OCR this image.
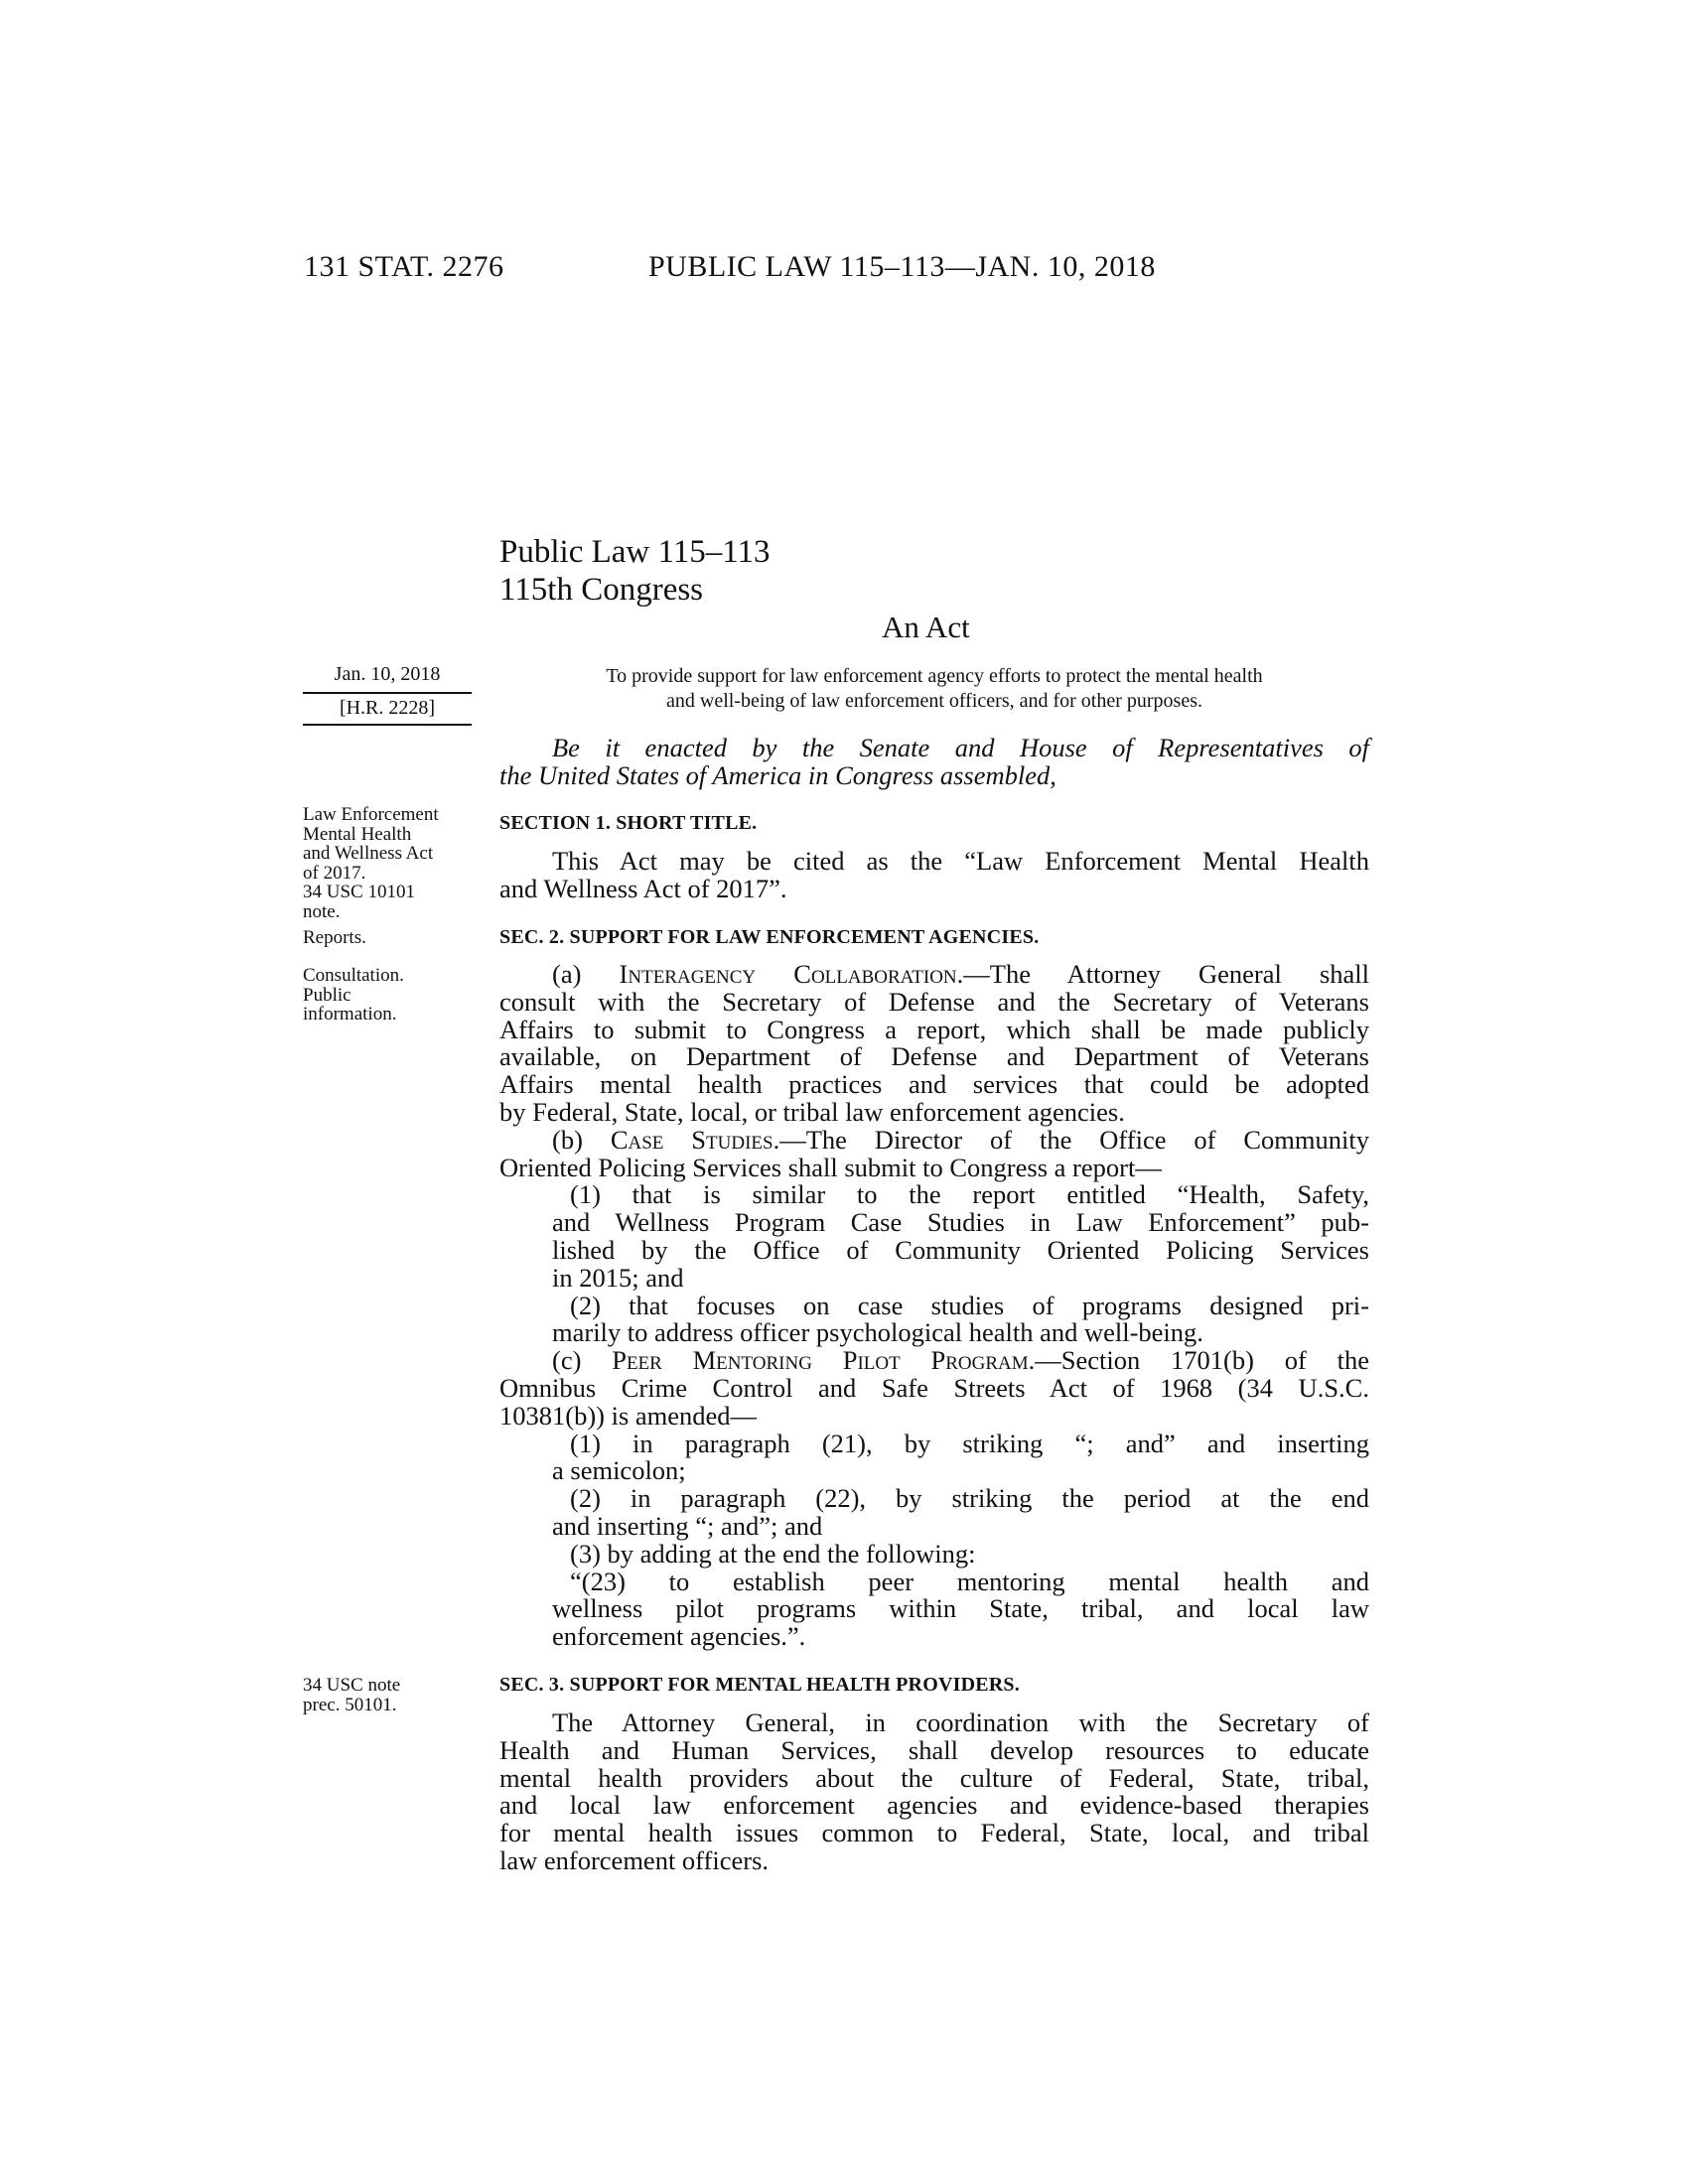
131 STAT. 2276	PUBLIC LAW 115–113—JAN. 10, 2018
Public Law 115–113
115th Congress
An Act
Jan. 10, 2018
[H.R. 2228]
To provide support for law enforcement agency efforts to protect the mental health
and well-being of law enforcement officers, and for other purposes.
Law Enforcement
Mental Health
and Wellness Act
of 2017.
34 USC 10101
note.
Reports.
Consultation.
Public
information.
34 USC note
prec. 50101.
Be it enacted by the Senate and House of Representatives of
the United States of America in Congress assembled,
SECTION 1. SHORT TITLE.
This Act may be cited as the “Law Enforcement Mental Health
and Wellness Act of 2017”.
SEC. 2. SUPPORT FOR LAW ENFORCEMENT AGENCIES.
(a) Interagency Collaboration.—The Attorney General shall
consult with the Secretary of Defense and the Secretary of Veterans
Affairs to submit to Congress a report, which shall be made publicly
available, on Department of Defense and Department of Veterans
Affairs mental health practices and services that could be adopted
by Federal, State, local, or tribal law enforcement agencies.
(b) Case Studies.—The Director of the Office of Community
Oriented Policing Services shall submit to Congress a report—
(1) that is similar to the report entitled “Health, Safety,
and Wellness Program Case Studies in Law Enforcement” pub-
lished by the Office of Community Oriented Policing Services
in 2015; and
(2) that focuses on case studies of programs designed pri-
marily to address officer psychological health and well-being.
(c) Peer Mentoring Pilot Program.—Section 1701(b) of the
Omnibus Crime Control and Safe Streets Act of 1968 (34 U.S.C.
10381(b)) is amended—
(1) in paragraph (21), by striking “; and” and inserting
a semicolon;
(2) in paragraph (22), by striking the period at the end
and inserting “; and”; and
(3) by adding at the end the following:
“(23) to establish peer mentoring mental health and
wellness pilot programs within State, tribal, and local law
enforcement agencies.”.
SEC. 3. SUPPORT FOR MENTAL HEALTH PROVIDERS.
The Attorney General, in coordination with the Secretary of
Health and Human Services, shall develop resources to educate
mental health providers about the culture of Federal, State, tribal,
and local law enforcement agencies and evidence-based therapies
for mental health issues common to Federal, State, local, and tribal
law enforcement officers.
